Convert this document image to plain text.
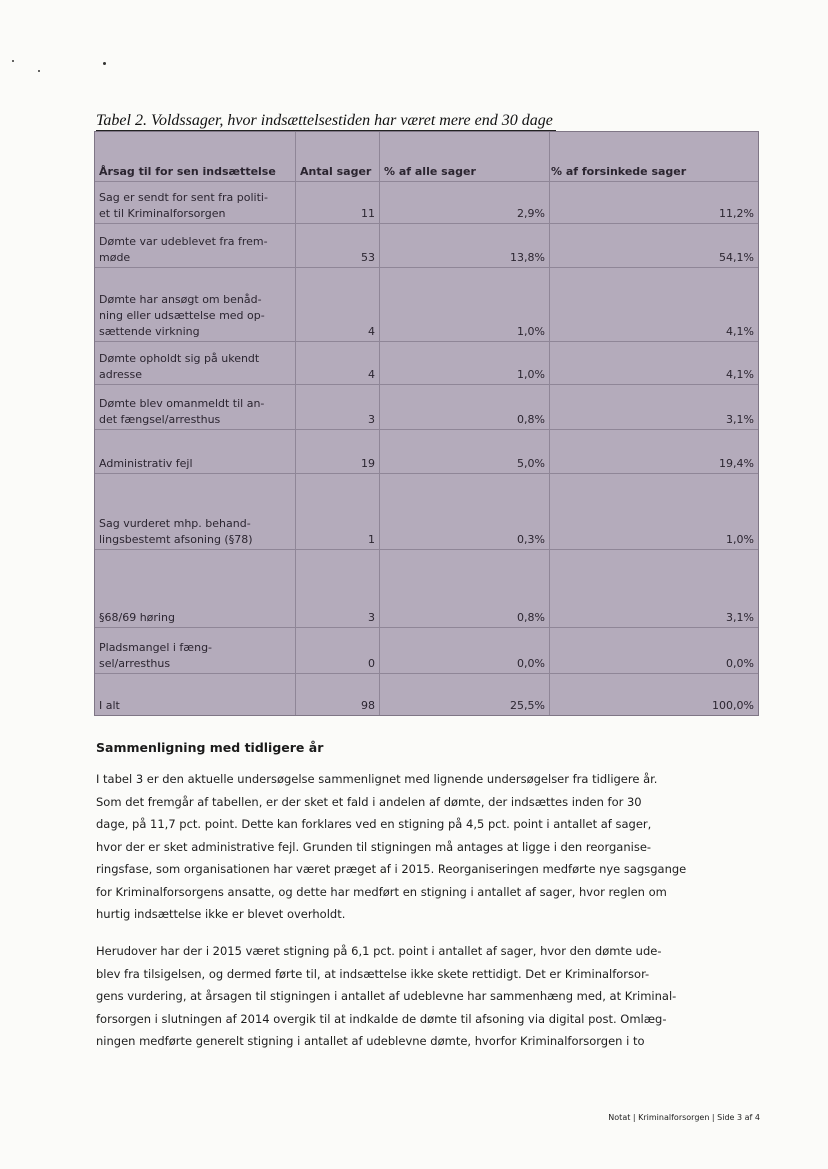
Tabel 2. Voldssager, hvor indsættelsestiden har været mere end 30 dage
Årsag til for sen indsættelse	Antal sager	% af alle sager	% af forsinkede sager
Sag er sendt for sent fra politi-
et til Kriminalforsorgen	11	2,9%	11,2%
Dømte var udeblevet fra frem-
møde	53	13,8%	54,1%
Dømte har ansøgt om benåd-
ning eller udsættelse med op-
sættende virkning	4	1,0%	4,1%
Dømte opholdt sig på ukendt
adresse	4	1,0%	4,1%
Dømte blev omanmeldt til an-
det fængsel/arresthus	3	0,8%	3,1%
Administrativ fejl	19	5,0%	19,4%
Sag vurderet mhp. behand-
lingsbestemt afsoning (§78)	1	0,3%	1,0%
§68/69 høring	3	0,8%	3,1%
Pladsmangel i fæng-
sel/arresthus	0	0,0%	0,0%
I alt	98	25,5%	100,0%
Sammenligning med tidligere år
I tabel 3 er den aktuelle undersøgelse sammenlignet med lignende undersøgelser fra tidligere år.
Som det fremgår af tabellen, er der sket et fald i andelen af dømte, der indsættes inden for 30
dage, på 11,7 pct. point. Dette kan forklares ved en stigning på 4,5 pct. point i antallet af sager,
hvor der er sket administrative fejl. Grunden til stigningen må antages at ligge i den reorganise-
ringsfase, som organisationen har været præget af i 2015. Reorganiseringen medførte nye sagsgange
for Kriminalforsorgens ansatte, og dette har medført en stigning i antallet af sager, hvor reglen om
hurtig indsættelse ikke er blevet overholdt.
Herudover har der i 2015 været stigning på 6,1 pct. point i antallet af sager, hvor den dømte ude-
blev fra tilsigelsen, og dermed førte til, at indsættelse ikke skete rettidigt. Det er Kriminalforsor-
gens vurdering, at årsagen til stigningen i antallet af udeblevne har sammenhæng med, at Kriminal-
forsorgen i slutningen af 2014 overgik til at indkalde de dømte til afsoning via digital post. Omlæg-
ningen medførte generelt stigning i antallet af udeblevne dømte, hvorfor Kriminalforsorgen i to
Notat | Kriminalforsorgen | Side 3 af 4
